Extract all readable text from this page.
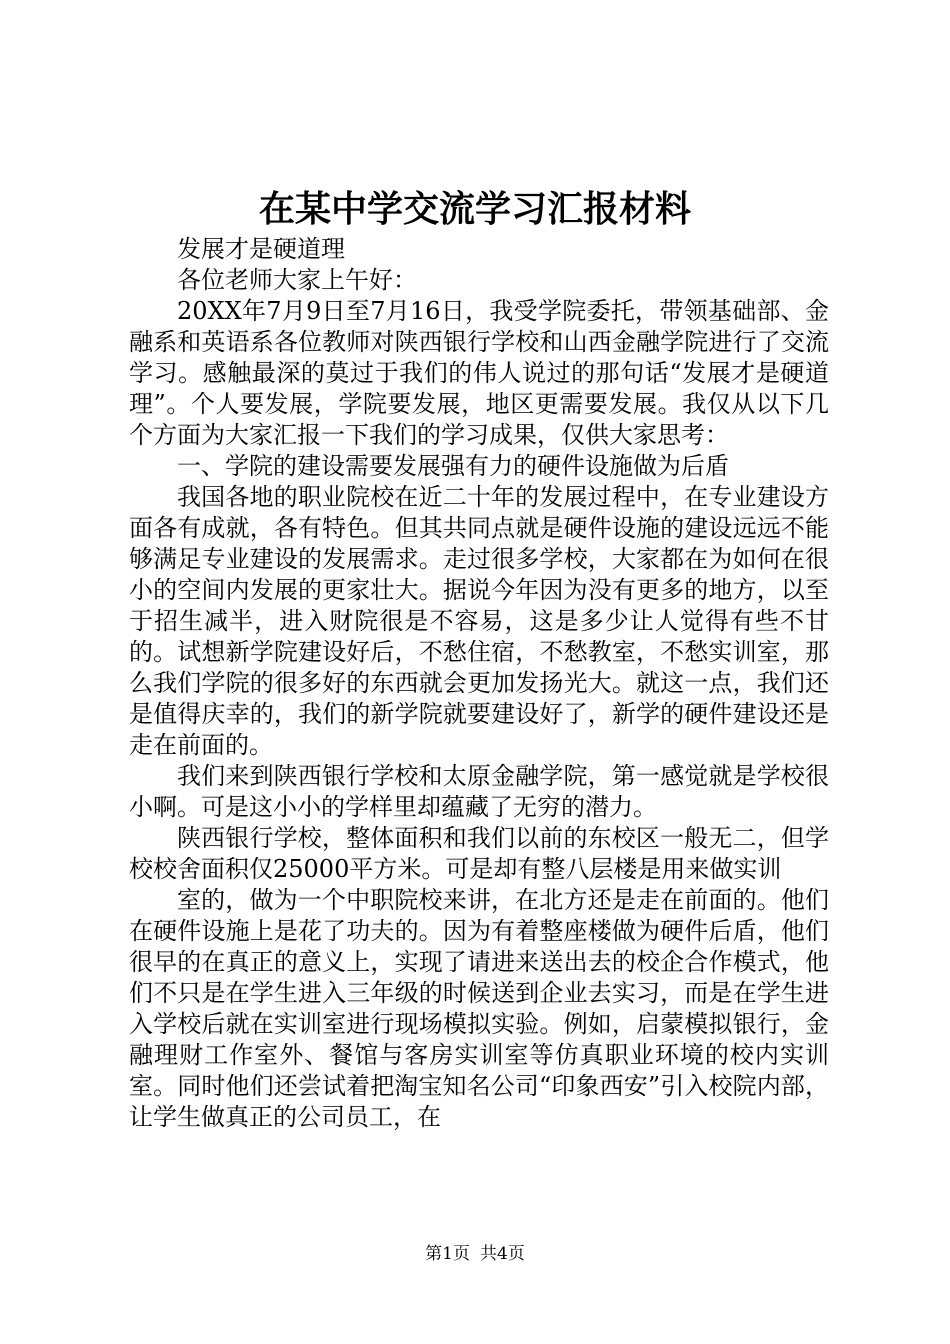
在某中学交流学习汇报材料

发展才是硬道理

各位老师大家上午好：

20XX年7月9日至7月16日，我受学院委托，带领基础部、金融系和英语系各位教师对陕西银行学校和山西金融学院进行了交流学习。感触最深的莫过于我们的伟人说过的那句话“发展才是硬道理”。个人要发展，学院要发展，地区更需要发展。我仅从以下几个方面为大家汇报一下我们的学习成果，仅供大家思考：

一、学院的建设需要发展强有力的硬件设施做为后盾

我国各地的职业院校在近二十年的发展过程中，在专业建设方面各有成就，各有特色。但其共同点就是硬件设施的建设远远不能够满足专业建设的发展需求。走过很多学校，大家都在为如何在很小的空间内发展的更家壮大。据说今年因为没有更多的地方，以至于招生减半，进入财院很是不容易，这是多少让人觉得有些不甘的。试想新学院建设好后，不愁住宿，不愁教室，不愁实训室，那么我们学院的很多好的东西就会更加发扬光大。就这一点，我们还是值得庆幸的，我们的新学院就要建设好了，新学的硬件建设还是走在前面的。

我们来到陕西银行学校和太原金融学院，第一感觉就是学校很小啊。可是这小小的学样里却蕴藏了无穷的潜力。

陕西银行学校，整体面积和我们以前的东校区一般无二，但学校校舍面积仅25000平方米。可是却有整八层楼是用来做实训

室的，做为一个中职院校来讲，在北方还是走在前面的。他们在硬件设施上是花了功夫的。因为有着整座楼做为硬件后盾，他们很早的在真正的意义上，实现了请进来送出去的校企合作模式，他们不只是在学生进入三年级的时候送到企业去实习，而是在学生进入学校后就在实训室进行现场模拟实验。例如，启蒙模拟银行，金融理财工作室外、餐馆与客房实训室等仿真职业环境的校内实训室。同时他们还尝试着把淘宝知名公司“印象西安”引入校院内部，让学生做真正的公司员工，在

第1页 共4页
